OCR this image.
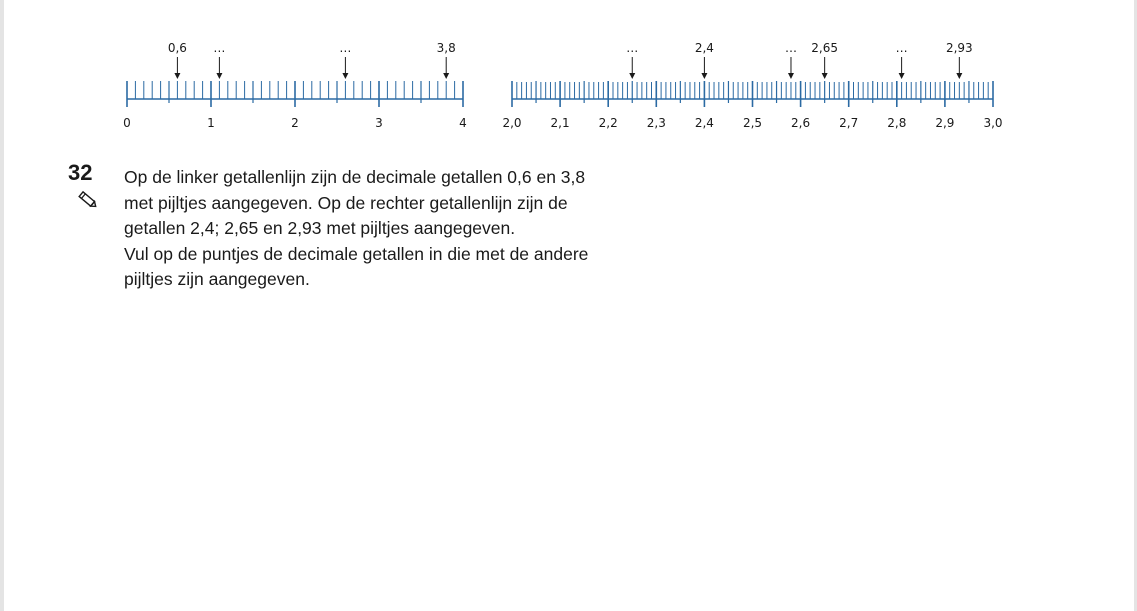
0	1	2	3	4
0,6 …	…	3,8
2,0 2,1 2,2 2,3 2,4 2,5 2,6 2,7 2,8 2,9 3,0
…	2,4	… 2,65	…	2,93
32 Op de linker getallenlijn zijn de decimale getallen 0,6 en 3,8
met pijltjes aangegeven. Op de rechter getallenlijn zijn de
getallen 2,4; 2,65 en 2,93 met pijltjes aangegeven.
Vul op de puntjes de decimale getallen in die met de andere
pijltjes zijn aangegeven.
